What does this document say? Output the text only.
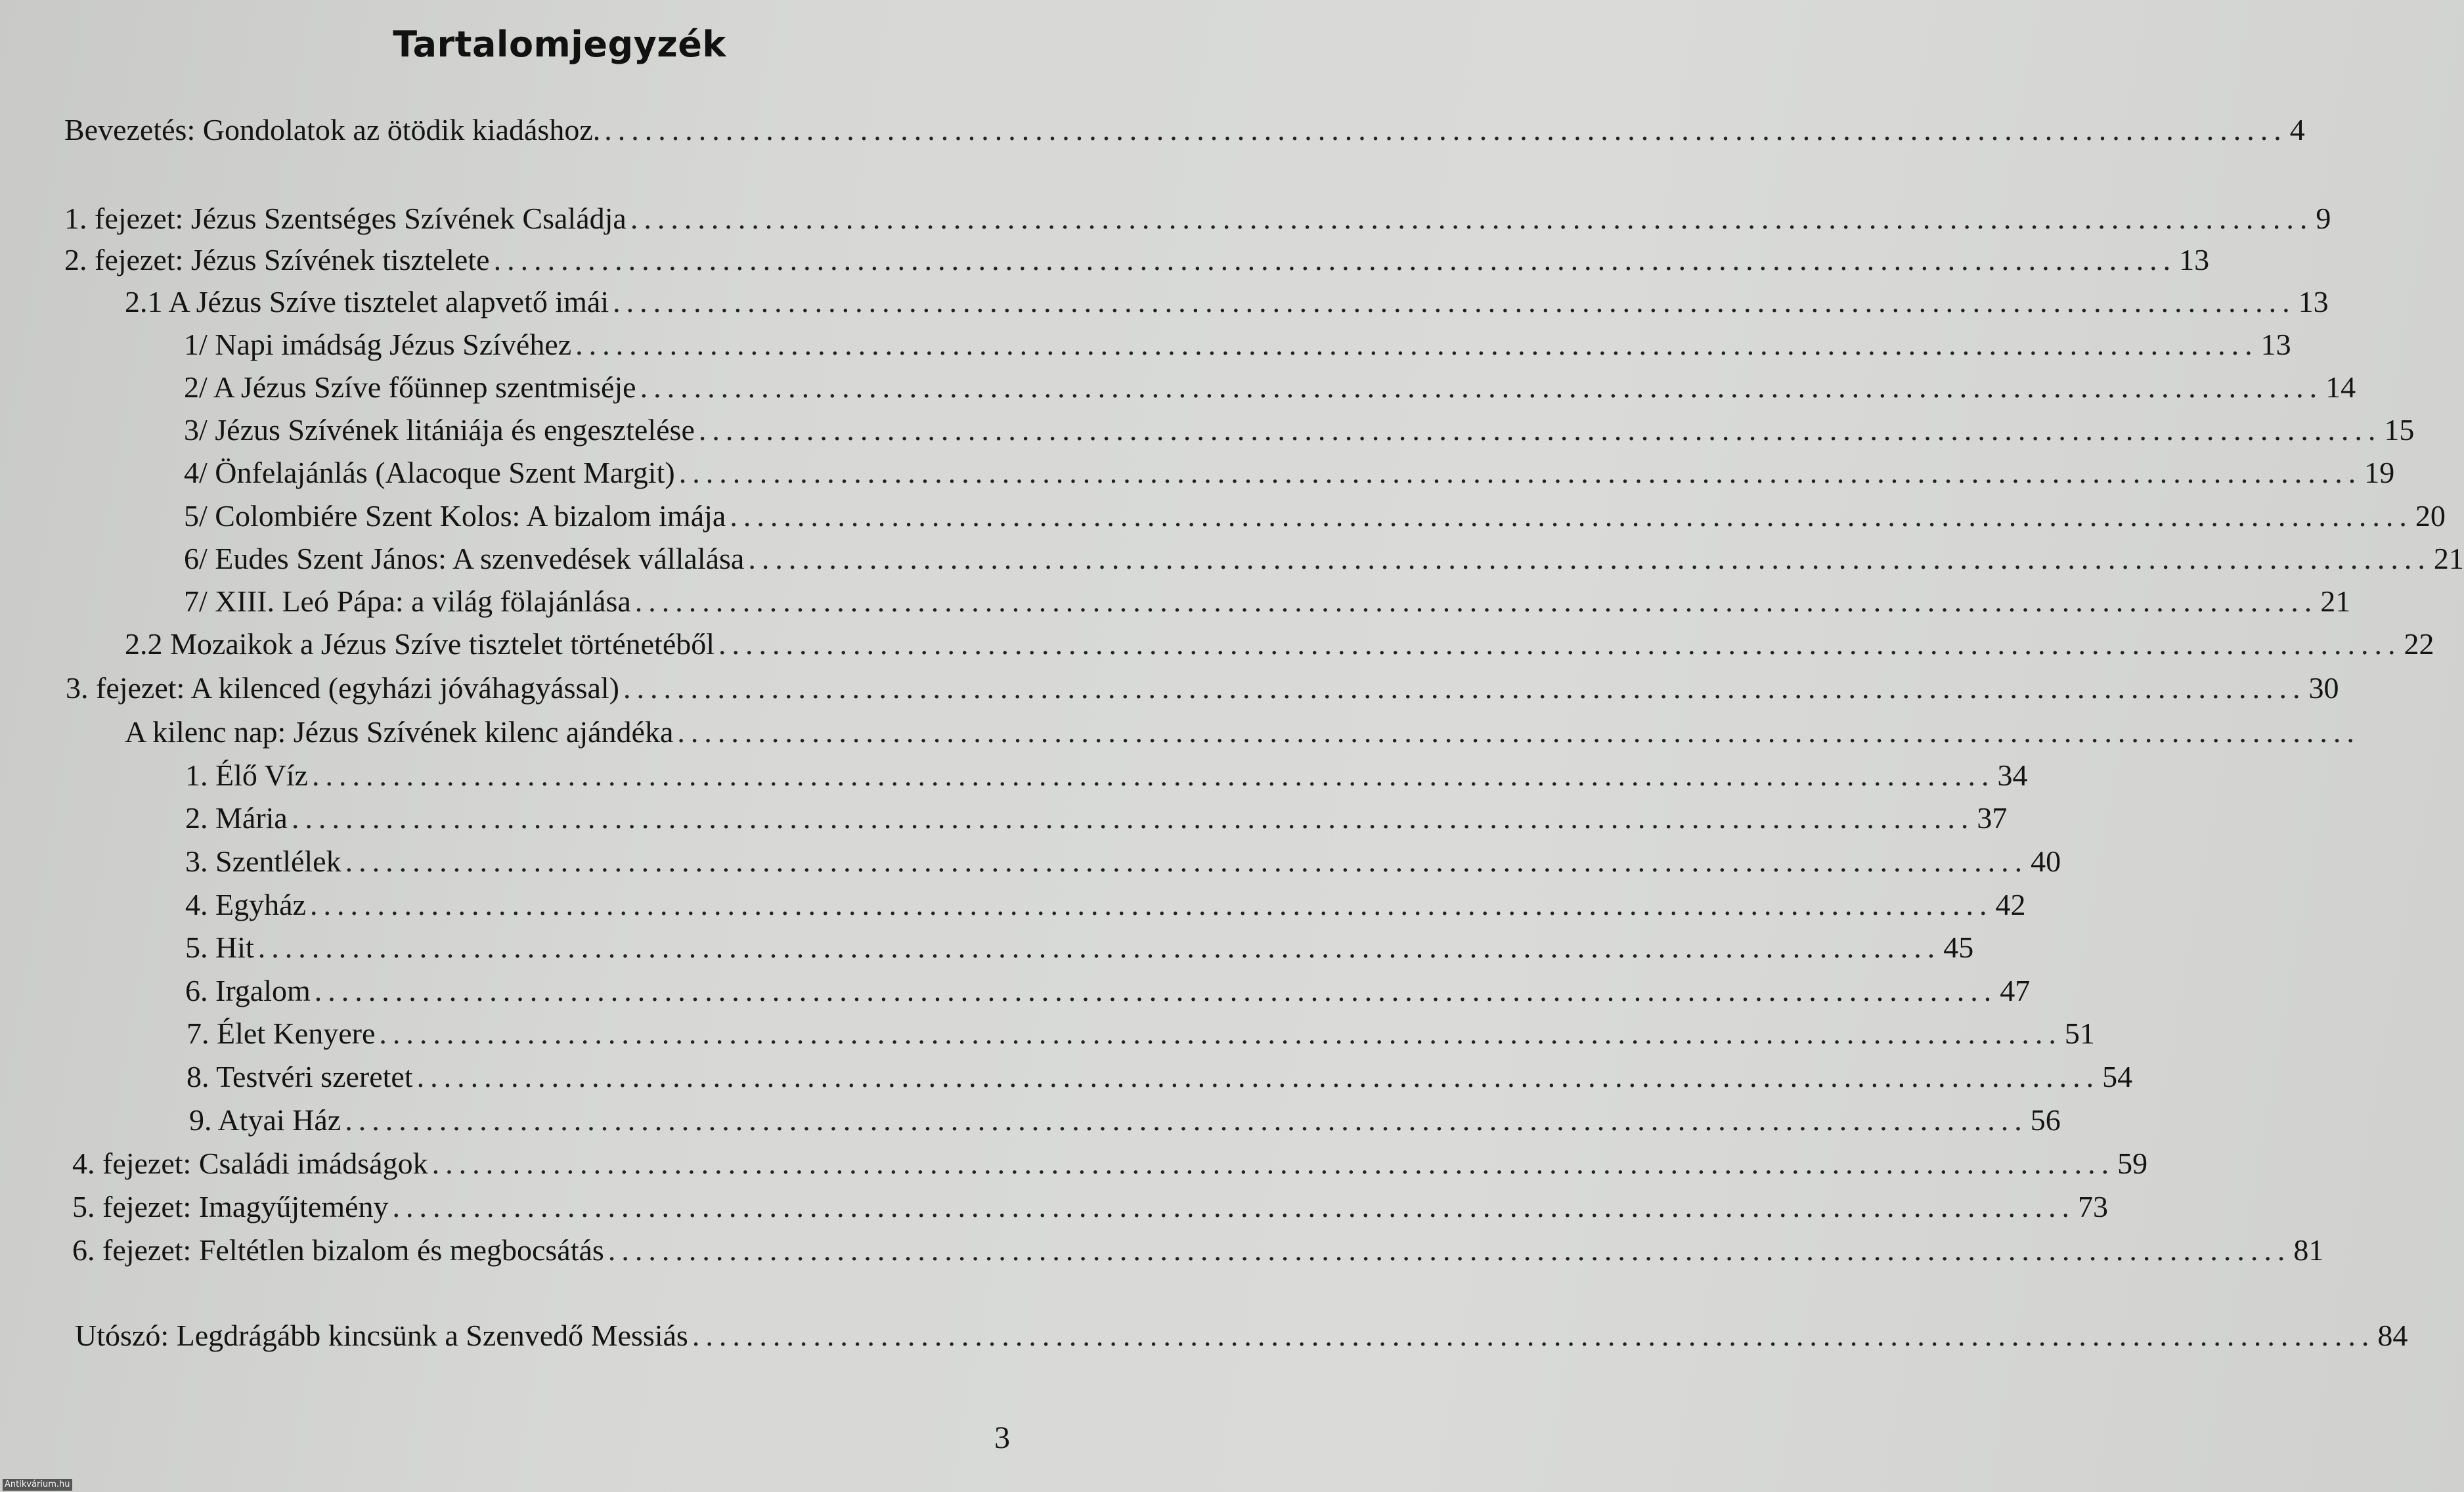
Tartalomjegyzék
Bevezetés: Gondolatok az ötödik kiadáshoz. ............................................................................................................................. 4
1. fejezet: Jézus Szentséges Szívének Családja ............................................................................................................................. 9
2. fejezet: Jézus Szívének tisztelete ............................................................................................................................. 13
2.1 A Jézus Szíve tisztelet alapvető imái ............................................................................................................................. 13
1/ Napi imádság Jézus Szívéhez ............................................................................................................................. 13
2/ A Jézus Szíve főünnep szentmiséje ............................................................................................................................. 14
3/ Jézus Szívének litániája és engesztelése ............................................................................................................................. 15
4/ Önfelajánlás (Alacoque Szent Margit) ............................................................................................................................. 19
5/ Colombiére Szent Kolos: A bizalom imája ............................................................................................................................. 20
6/ Eudes Szent János: A szenvedések vállalása ............................................................................................................................. 21
7/ XIII. Leó Pápa: a világ fölajánlása ............................................................................................................................. 21
2.2 Mozaikok a Jézus Szíve tisztelet történetéből ............................................................................................................................. 22
3. fejezet: A kilenced (egyházi jóváhagyással) ............................................................................................................................. 30
A kilenc nap: Jézus Szívének kilenc ajándéka .............................................................................................................................
1. Élő Víz ............................................................................................................................. 34
2. Mária ............................................................................................................................. 37
3. Szentlélek ............................................................................................................................. 40
4. Egyház ............................................................................................................................. 42
5. Hit ............................................................................................................................. 45
6. Irgalom ............................................................................................................................. 47
7. Élet Kenyere ............................................................................................................................. 51
8. Testvéri szeretet ............................................................................................................................. 54
9. Atyai Ház ............................................................................................................................. 56
4. fejezet: Családi imádságok ............................................................................................................................. 59
5. fejezet: Imagyűjtemény ............................................................................................................................. 73
6. fejezet: Feltétlen bizalom és megbocsátás ............................................................................................................................. 81
Utószó: Legdrágább kincsünk a Szenvedő Messiás ............................................................................................................................. 84
3
Antikvárium.hu
